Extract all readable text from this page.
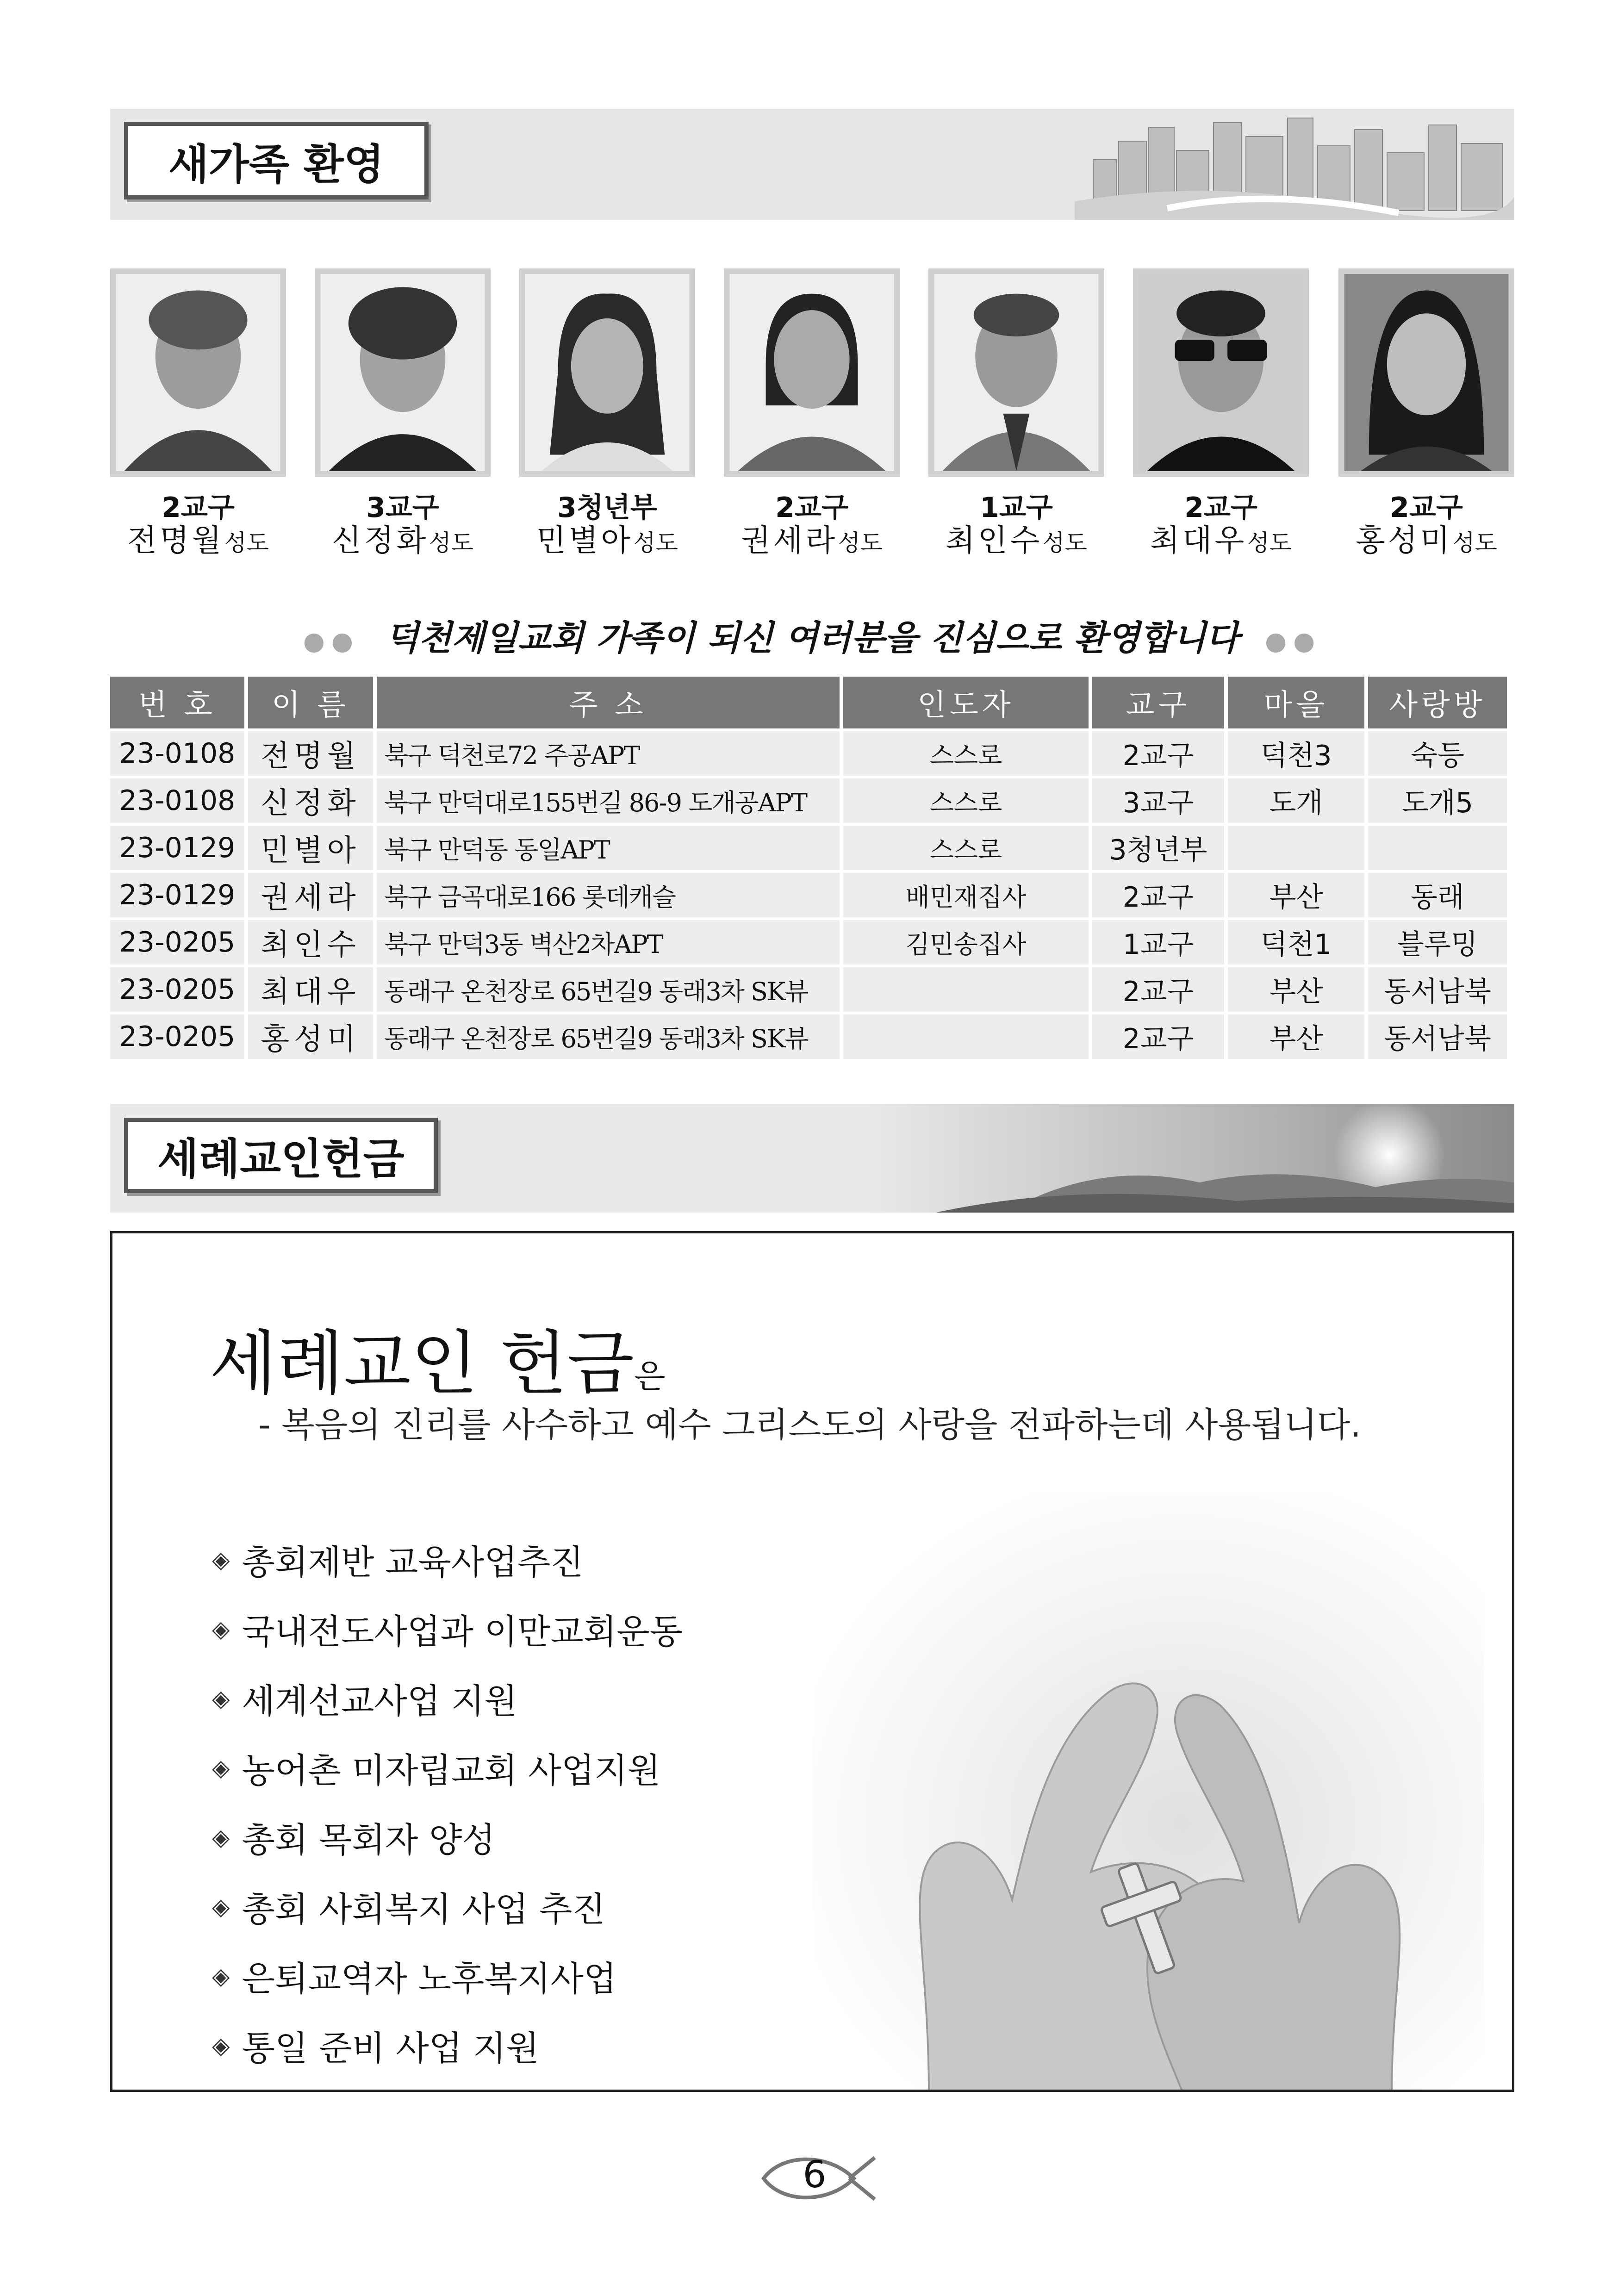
새가족 환영
2교구
전명월성도
3교구
신정화성도
3청년부
민별아성도
2교구
권세라성도
1교구
최인수성도
2교구
최대우성도
2교구
홍성미성도
●● 덕천제일교회 가족이 되신 여러분을 진심으로 환영합니다 ●●
번 호	이 름	주 소	인도자	교구	마을	사랑방
23-0108	전명월	북구 덕천로72 주공APT	스스로	2교구	덕천3	숙등
23-0108	신정화	북구 만덕대로155번길 86-9 도개공APT	스스로	3교구	도개	도개5
23-0129	민별아	북구 만덕동 동일APT	스스로	3청년부		
23-0129	권세라	북구 금곡대로166 롯데캐슬	배민재집사	2교구	부산	동래
23-0205	최인수	북구 만덕3동 벽산2차APT	김민송집사	1교구	덕천1	블루밍
23-0205	최대우	동래구 온천장로 65번길9 동래3차 SK뷰		2교구	부산	동서남북
23-0205	홍성미	동래구 온천장로 65번길9 동래3차 SK뷰		2교구	부산	동서남북
세례교인헌금
세례교인 헌금은
- 복음의 진리를 사수하고 예수 그리스도의 사랑을 전파하는데 사용됩니다.
◈ 총회제반 교육사업추진
◈ 국내전도사업과 이만교회운동
◈ 세계선교사업 지원
◈ 농어촌 미자립교회 사업지원
◈ 총회 목회자 양성
◈ 총회 사회복지 사업 추진
◈ 은퇴교역자 노후복지사업
◈ 통일 준비 사업 지원
6
